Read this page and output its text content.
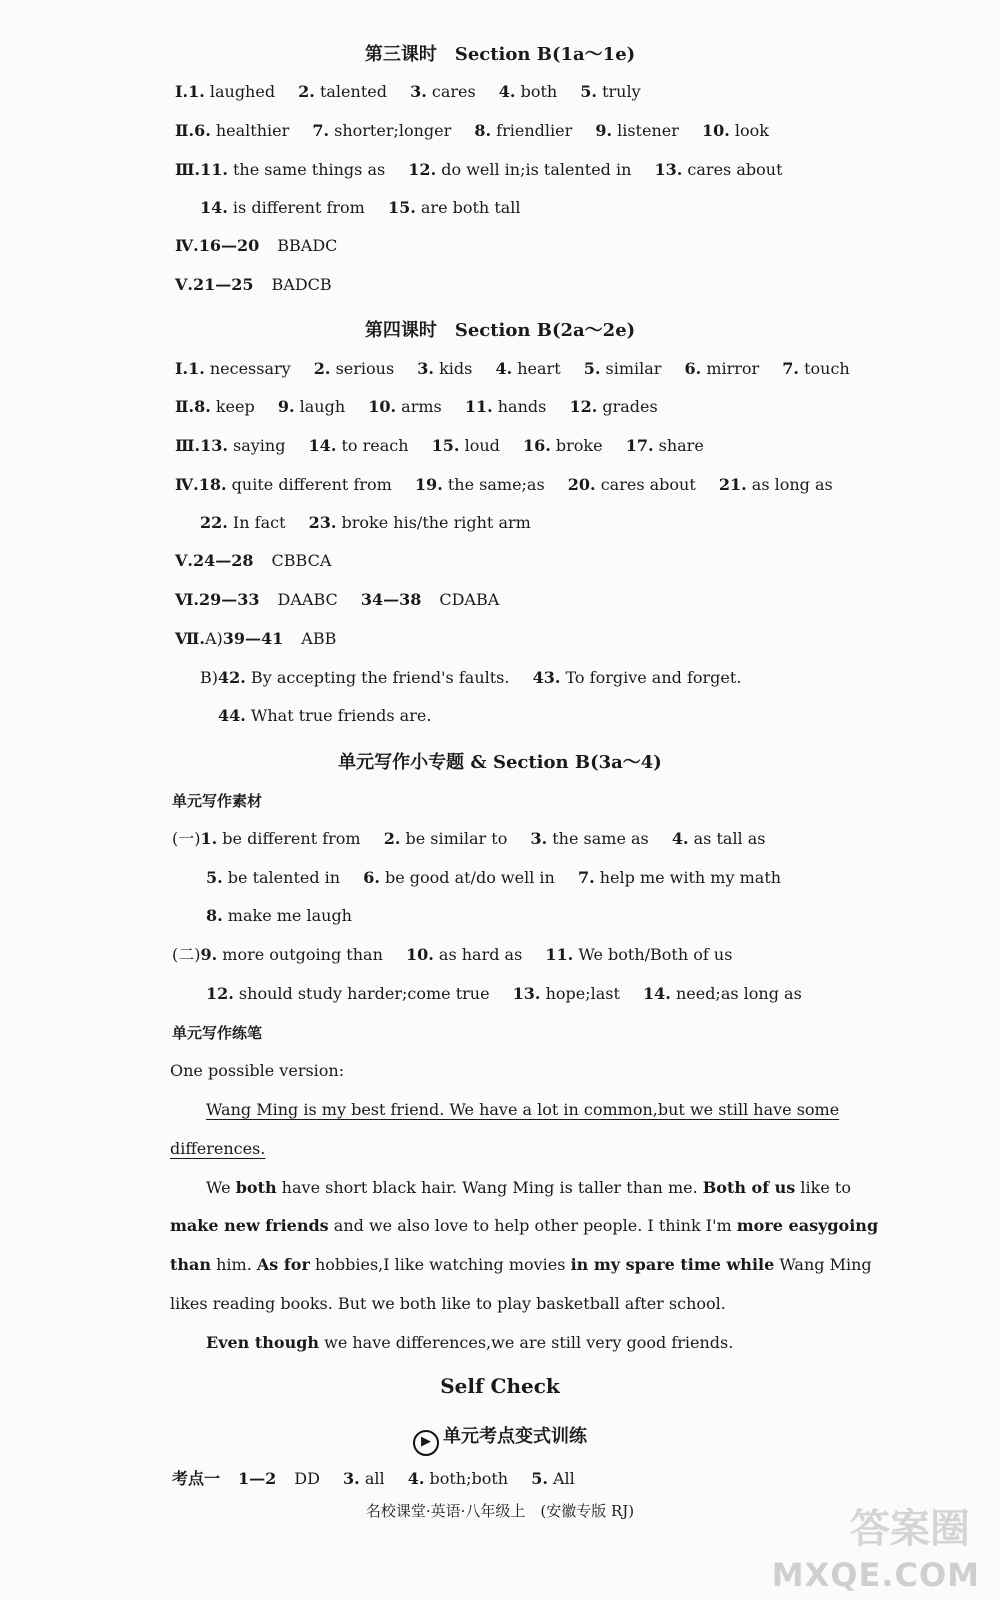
第三课时　Section B(1a～1e)
Ⅰ.1. laughed 2. talented 3. cares 4. both 5. truly
Ⅱ.6. healthier 7. shorter;longer 8. friendlier 9. listener 10. look
Ⅲ.11. the same things as 12. do well in;is talented in 13. cares about
14. is different from 15. are both tall
Ⅳ.16—20 BBADC
Ⅴ.21—25 BADCB
第四课时　Section B(2a～2e)
Ⅰ.1. necessary 2. serious 3. kids 4. heart 5. similar 6. mirror 7. touch
Ⅱ.8. keep 9. laugh 10. arms 11. hands 12. grades
Ⅲ.13. saying 14. to reach 15. loud 16. broke 17. share
Ⅳ.18. quite different from 19. the same;as 20. cares about 21. as long as
22. In fact 23. broke his/the right arm
Ⅴ.24—28 CBBCA
Ⅵ.29—33 DAABC 34—38 CDABA
Ⅶ.A)39—41 ABB
B)42. By accepting the friend's faults. 43. To forgive and forget.
44. What true friends are.
单元写作小专题 & Section B(3a～4)
单元写作素材
(一)1. be different from 2. be similar to 3. the same as 4. as tall as
5. be talented in 6. be good at/do well in 7. help me with my math
8. make me laugh
(二)9. more outgoing than 10. as hard as 11. We both/Both of us
12. should study harder;come true 13. hope;last 14. need;as long as
单元写作练笔
One possible version:
Wang Ming is my best friend. We have a lot in common,but we still have some
differences.
We both have short black hair. Wang Ming is taller than me. Both of us like to
make new friends and we also love to help other people. I think I'm more easygoing
than him. As for hobbies,I like watching movies in my spare time while Wang Ming
likes reading books. But we both like to play basketball after school.
Even though we have differences,we are still very good friends.
Self Check
▶ 单元考点变式训练
考点一 1—2 DD 3. all 4. both;both 5. All
名校课堂·英语·八年级上　(安徽专版 RJ)	答案圈
MXQE.COM
